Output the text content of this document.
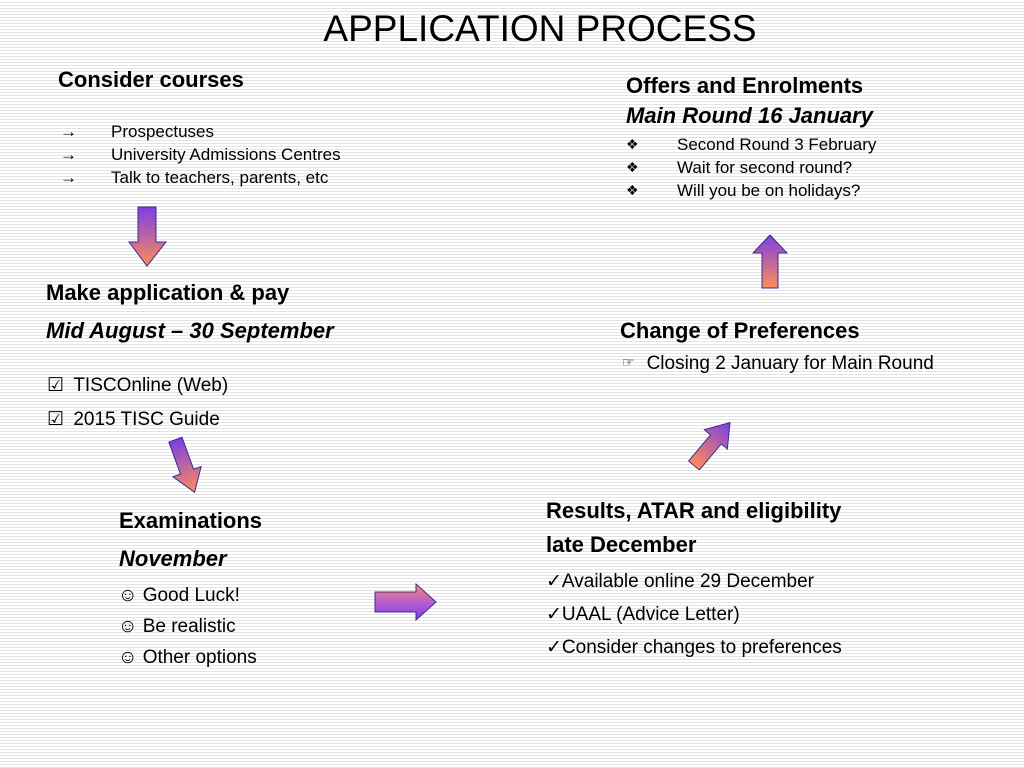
APPLICATION PROCESS
Consider courses
→ Prospectuses
→ University Admissions Centres
→ Talk to teachers, parents, etc
Make application & pay
Mid August – 30 September
☑ TISCOnline (Web)
☑ 2015 TISC Guide
Examinations
November
☺ Good Luck!
☺ Be realistic
☺ Other options
Results, ATAR and eligibility
late December
✓Available online 29 December
✓UAAL (Advice Letter)
✓Consider changes to preferences
Change of Preferences
☞ Closing 2 January for Main Round
Offers and Enrolments
Main Round 16 January
❖ Second Round 3 February
❖ Wait for second round?
❖ Will you be on holidays?
